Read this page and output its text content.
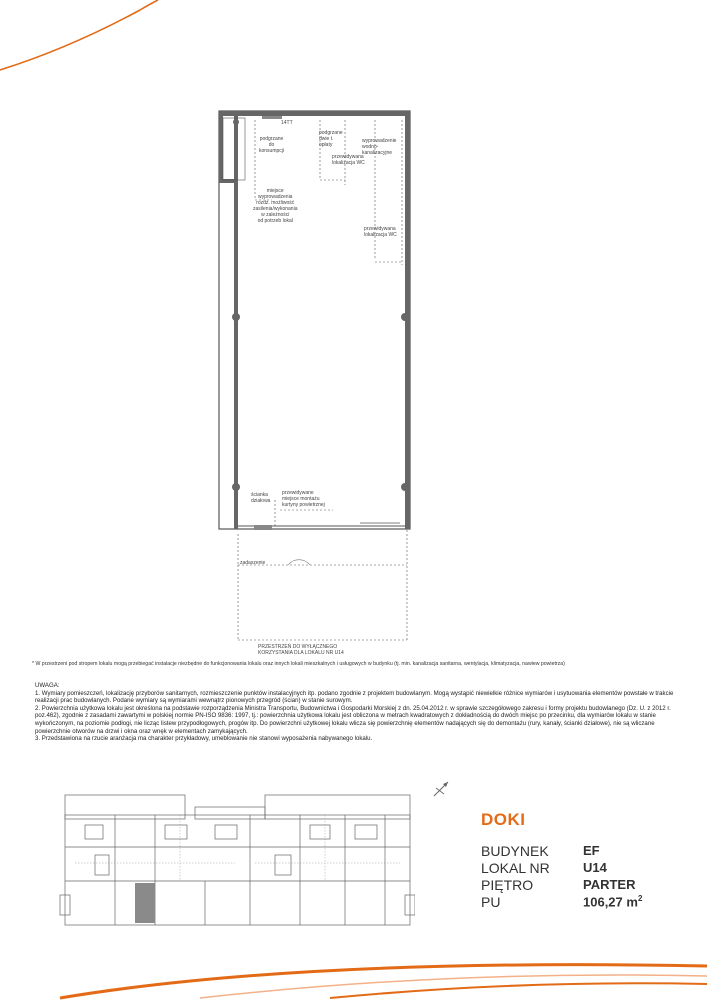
14TT
podgrzane
do
konsumpcji
podgrzane
dwie t.
opłaty
przewidywana
lokalizacja WC
wyprowadzenie
wodno-
kanalizacyjne
miejsce
wyprowadzenia
rozdz. możliwość
zasilenia/wykonania
w zależności
od potrzeb lokal
przewidywana
lokalizacja WC
ścianka
działowa
przewidywane
miejsce montażu
kurtyny powietrznej
zadaszenie
PRZESTRZEŃ DO WYŁĄCZNEGO
KORZYSTANIA DLA LOKALU NR U14
* W przestrzeni pod stropem lokalu mogą przebiegać instalacje niezbędne do funkcjonowania lokalu oraz innych lokali mieszkalnych i usługowych w budynku (tj. min. kanalizacja sanitarna, wentylacja, klimatyzacja, nawiew powietrza)

UWAGA:

1. Wymiary pomieszczeń, lokalizację przyborów sanitarnych, rozmieszczenie punktów instalacyjnych itp. podano zgodnie z projektem budowlanym. Mogą wystąpić niewielkie różnice wymiarów i usytuowania elementów powstałe w trakcie realizacji prac budowlanych. Podane wymiary są wymiarami wewnątrz pionowych przegród (ścian) w stanie surowym.

2. Powierzchnia użytkowa lokalu jest określona na podstawie rozporządzenia Ministra Transportu, Budownictwa i Gospodarki Morskiej z dn. 25.04.2012 r. w sprawie szczegółowego zakresu i formy projektu budowlanego (Dz. U. z 2012 r. poz.462), zgodnie z zasadami zawartymi w polskiej normie PN-ISO 9836: 1997, tj.: powierzchnia użytkowa lokalu jest obliczona w metrach kwadratowych z dokładnością do dwóch miejsc po przecinku, dla wymiarów lokalu w stanie wykończonym, na poziomie podłogi, nie licząc listew przypodłogowych, progów itp. Do powierzchni użytkowej lokalu wlicza się powierzchnię elementów nadających się do demontażu (rury, kanały, ścianki działowe), nie są wliczane powierzchnie otworów na drzwi i okna oraz wnęk w elementach zamykających.

3. Przedstawiona na rzucie aranżacja ma charakter przykładowy, umeblowanie nie stanowi wyposażenia nabywanego lokalu.

DOKI
BUDYNEK	EF
LOKAL NR	U14
PIĘTRO	PARTER
PU	106,27 $m^2$
